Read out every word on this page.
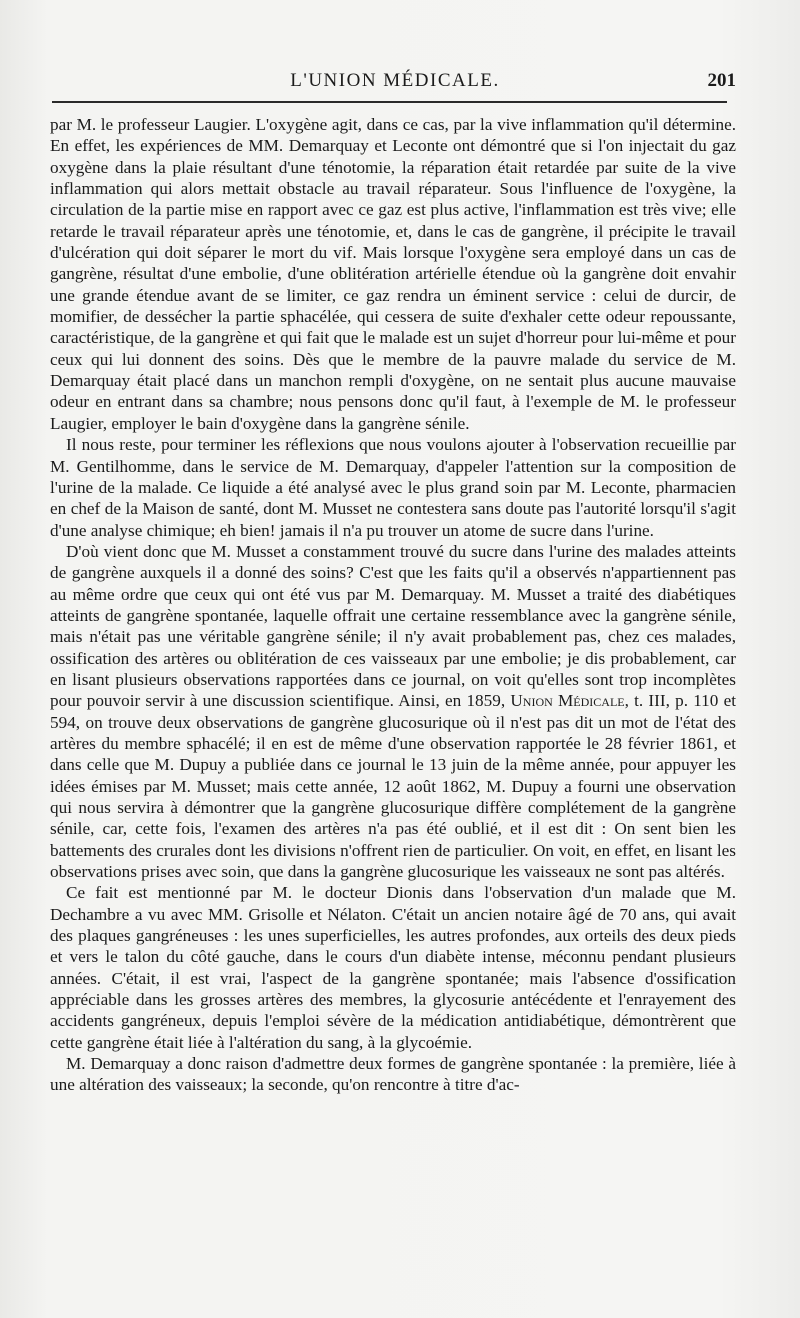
L'UNION MÉDICALE.	201

par M. le professeur Laugier. L'oxygène agit, dans ce cas, par la vive inflammation qu'il détermine. En effet, les expériences de MM. Demarquay et Leconte ont démontré que si l'on injectait du gaz oxygène dans la plaie résultant d'une ténotomie, la réparation était retardée par suite de la vive inflammation qui alors mettait obstacle au travail réparateur. Sous l'influence de l'oxygène, la circulation de la partie mise en rapport avec ce gaz est plus active, l'inflammation est très vive; elle retarde le travail réparateur après une ténotomie, et, dans le cas de gangrène, il précipite le travail d'ulcération qui doit séparer le mort du vif. Mais lorsque l'oxygène sera employé dans un cas de gangrène, résultat d'une embolie, d'une oblitération artérielle étendue où la gangrène doit envahir une grande étendue avant de se limiter, ce gaz rendra un éminent service : celui de durcir, de momifier, de dessécher la partie sphacélée, qui cessera de suite d'exhaler cette odeur repoussante, caractéristique, de la gangrène et qui fait que le malade est un sujet d'horreur pour lui-même et pour ceux qui lui donnent des soins. Dès que le membre de la pauvre malade du service de M. Demarquay était placé dans un manchon rempli d'oxygène, on ne sentait plus aucune mauvaise odeur en entrant dans sa chambre; nous pensons donc qu'il faut, à l'exemple de M. le professeur Laugier, employer le bain d'oxygène dans la gangrène sénile.

Il nous reste, pour terminer les réflexions que nous voulons ajouter à l'observation recueillie par M. Gentilhomme, dans le service de M. Demarquay, d'appeler l'attention sur la composition de l'urine de la malade. Ce liquide a été analysé avec le plus grand soin par M. Leconte, pharmacien en chef de la Maison de santé, dont M. Musset ne contestera sans doute pas l'autorité lorsqu'il s'agit d'une analyse chimique; eh bien! jamais il n'a pu trouver un atome de sucre dans l'urine.

D'où vient donc que M. Musset a constamment trouvé du sucre dans l'urine des malades atteints de gangrène auxquels il a donné des soins? C'est que les faits qu'il a observés n'appartiennent pas au même ordre que ceux qui ont été vus par M. Demarquay. M. Musset a traité des diabétiques atteints de gangrène spontanée, laquelle offrait une certaine ressemblance avec la gangrène sénile, mais n'était pas une véritable gangrène sénile; il n'y avait probablement pas, chez ces malades, ossification des artères ou oblitération de ces vaisseaux par une embolie; je dis probablement, car en lisant plusieurs observations rapportées dans ce journal, on voit qu'elles sont trop incomplètes pour pouvoir servir à une discussion scientifique. Ainsi, en 1859, Union Médicale, t. III, p. 110 et 594, on trouve deux observations de gangrène glucosurique où il n'est pas dit un mot de l'état des artères du membre sphacélé; il en est de même d'une observation rapportée le 28 février 1861, et dans celle que M. Dupuy a publiée dans ce journal le 13 juin de la même année, pour appuyer les idées émises par M. Musset; mais cette année, 12 août 1862, M. Dupuy a fourni une observation qui nous servira à démontrer que la gangrène glucosurique diffère complétement de la gangrène sénile, car, cette fois, l'examen des artères n'a pas été oublié, et il est dit : On sent bien les battements des crurales dont les divisions n'offrent rien de particulier. On voit, en effet, en lisant les observations prises avec soin, que dans la gangrène glucosurique les vaisseaux ne sont pas altérés.

Ce fait est mentionné par M. le docteur Dionis dans l'observation d'un malade que M. Dechambre a vu avec MM. Grisolle et Nélaton. C'était un ancien notaire âgé de 70 ans, qui avait des plaques gangréneuses : les unes superficielles, les autres profondes, aux orteils des deux pieds et vers le talon du côté gauche, dans le cours d'un diabète intense, méconnu pendant plusieurs années. C'était, il est vrai, l'aspect de la gangrène spontanée; mais l'absence d'ossification appréciable dans les grosses artères des membres, la glycosurie antécédente et l'enrayement des accidents gangréneux, depuis l'emploi sévère de la médication antidiabétique, démontrèrent que cette gangrène était liée à l'altération du sang, à la glycoémie.

M. Demarquay a donc raison d'admettre deux formes de gangrène spontanée : la première, liée à une altération des vaisseaux; la seconde, qu'on rencontre à titre d'ac-
